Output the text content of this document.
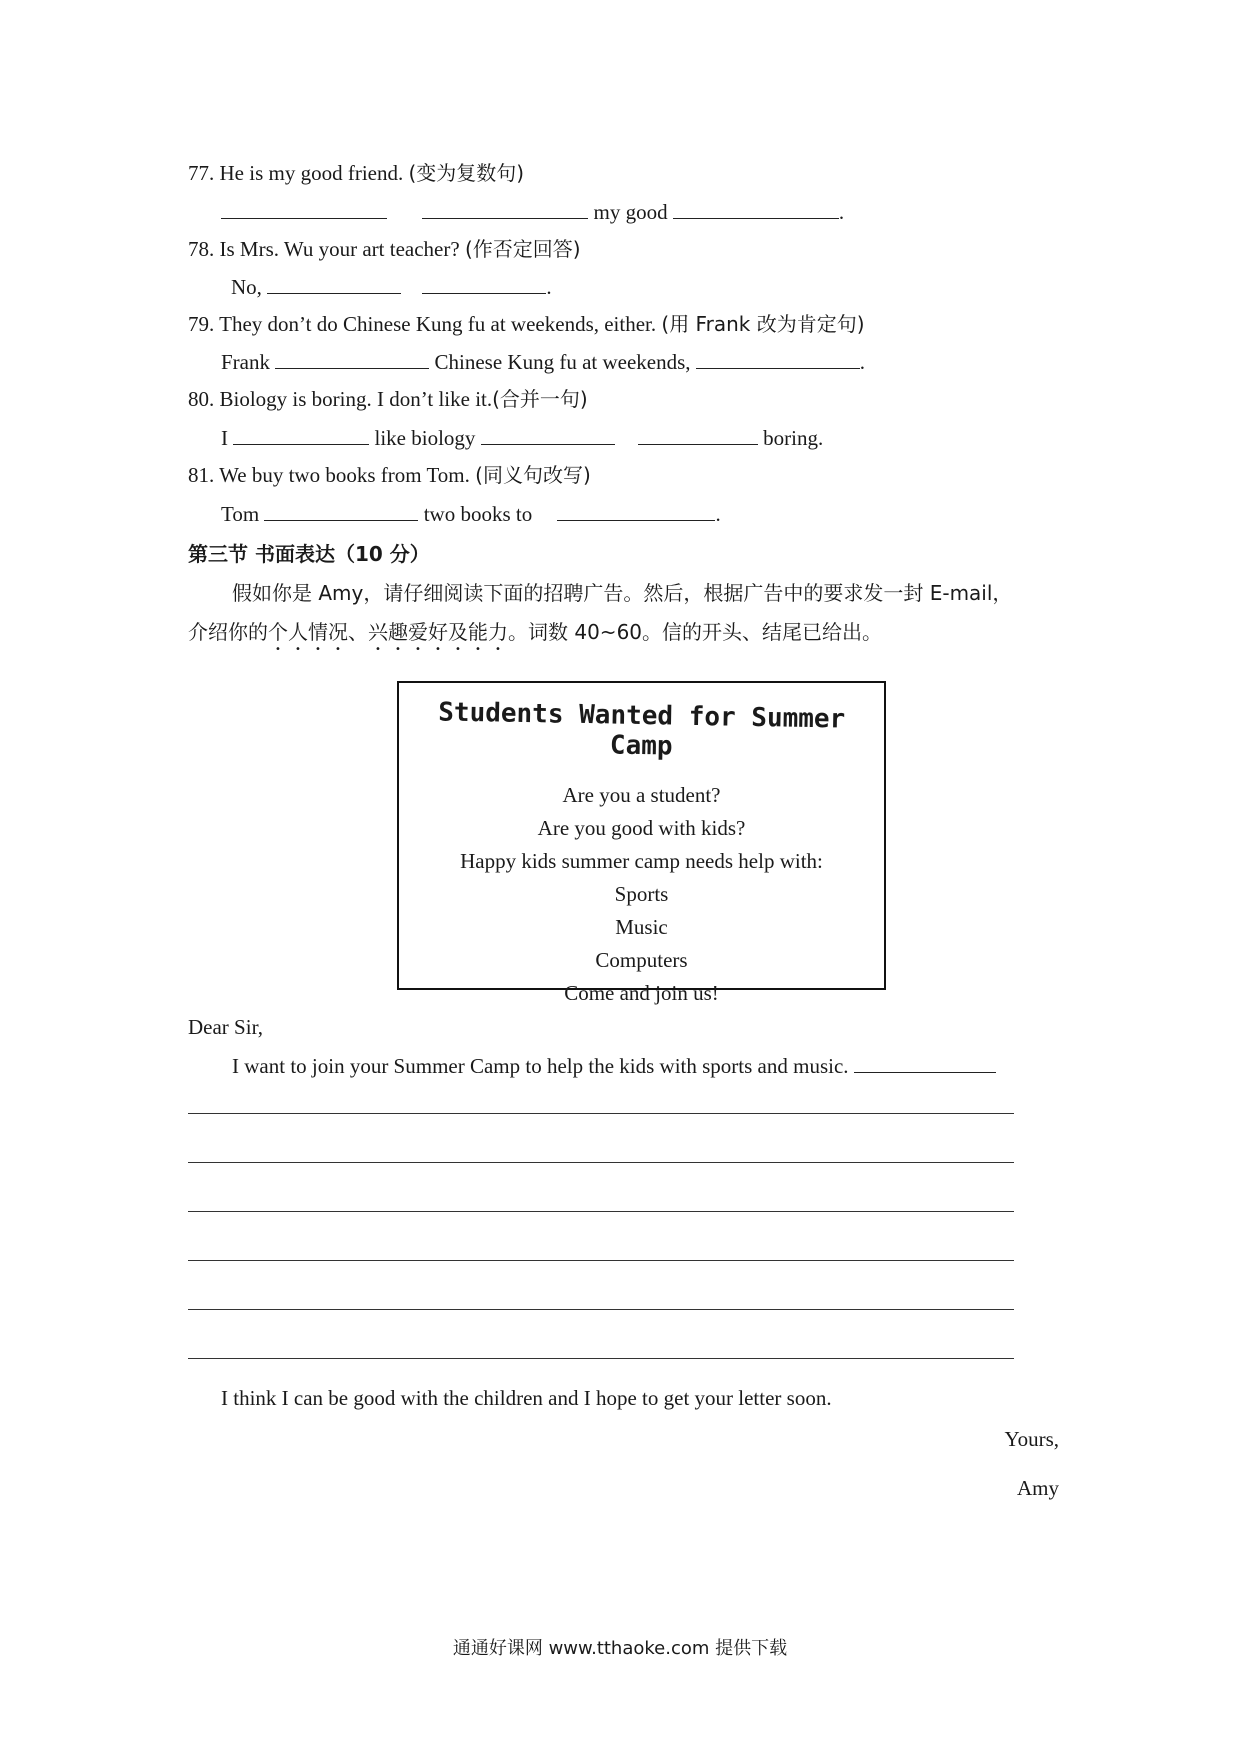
77. He is my good friend. (变为复数句)
my good	.
78. Is Mrs. Wu your art teacher? (作否定回答)
No,	.
79. They don’t do Chinese Kung fu at weekends, either. (用 Frank 改为肯定句)
Frank	Chinese Kung fu at weekends,	.
80. Biology is boring. I don’t like it.(合并一句)
I	like biology	boring.
81. We buy two books from Tom. (同义句改写)
Tom	two books to	.
第三节 书面表达（10 分）
假如你是 Amy，请仔细阅读下面的招聘广告。然后，根据广告中的要求发一封 E-mail，
介绍你的个人情况、兴趣爱好及能力。词数 40~60。信的开头、结尾已给出。
Students Wanted for Summer Camp
Are you a student?
Are you good with kids?
Happy kids summer camp needs help with:
Sports
Music
Computers
Come and join us!
Dear Sir,
I want to join your Summer Camp to help the kids with sports and music.
I think I can be good with the children and I hope to get your letter soon.
Yours,
Amy
通通好课网 www.tthaoke.com 提供下载
